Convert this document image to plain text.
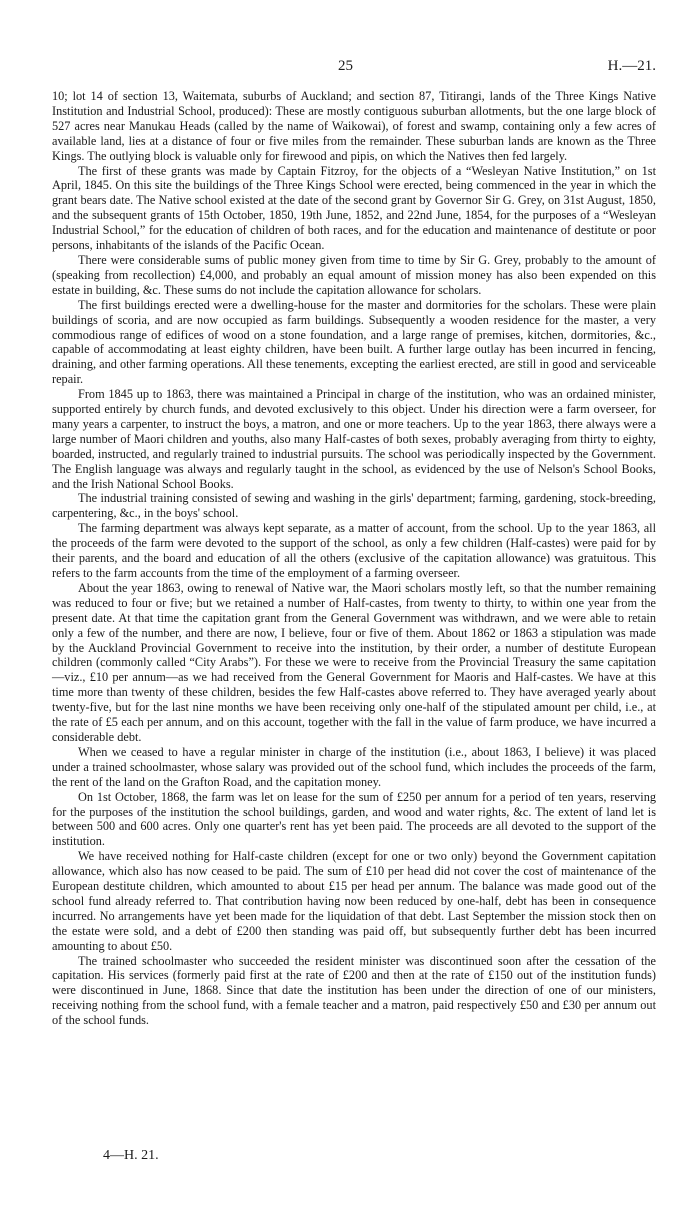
25	H.—21.

10; lot 14 of section 13, Waitemata, suburbs of Auckland; and section 87, Titirangi, lands of the Three Kings Native Institution and Industrial School, produced): These are mostly contiguous suburban allotments, but the one large block of 527 acres near Manukau Heads (called by the name of Waikowai), of forest and swamp, containing only a few acres of available land, lies at a distance of four or five miles from the remainder. These suburban lands are known as the Three Kings. The outlying block is valuable only for firewood and pipis, on which the Natives then fed largely.

The first of these grants was made by Captain Fitzroy, for the objects of a “Wesleyan Native Institution,” on 1st April, 1845. On this site the buildings of the Three Kings School were erected, being commenced in the year in which the grant bears date. The Native school existed at the date of the second grant by Governor Sir G. Grey, on 31st August, 1850, and the subsequent grants of 15th October, 1850, 19th June, 1852, and 22nd June, 1854, for the purposes of a “Wesleyan Industrial School,” for the education of children of both races, and for the education and maintenance of destitute or poor persons, inhabitants of the islands of the Pacific Ocean.

There were considerable sums of public money given from time to time by Sir G. Grey, probably to the amount of (speaking from recollection) £4,000, and probably an equal amount of mission money has also been expended on this estate in building, &c. These sums do not include the capitation allowance for scholars.

The first buildings erected were a dwelling-house for the master and dormitories for the scholars. These were plain buildings of scoria, and are now occupied as farm buildings. Subsequently a wooden residence for the master, a very commodious range of edifices of wood on a stone foundation, and a large range of premises, kitchen, dormitories, &c., capable of accommodating at least eighty children, have been built. A further large outlay has been incurred in fencing, draining, and other farming operations. All these tenements, excepting the earliest erected, are still in good and serviceable repair.

From 1845 up to 1863, there was maintained a Principal in charge of the institution, who was an ordained minister, supported entirely by church funds, and devoted exclusively to this object. Under his direction were a farm overseer, for many years a carpenter, to instruct the boys, a matron, and one or more teachers. Up to the year 1863, there always were a large number of Maori children and youths, also many Half-castes of both sexes, probably averaging from thirty to eighty, boarded, instructed, and regularly trained to industrial pursuits. The school was periodically inspected by the Government. The English language was always and regularly taught in the school, as evidenced by the use of Nelson's School Books, and the Irish National School Books.

The industrial training consisted of sewing and washing in the girls' department; farming, gardening, stock-breeding, carpentering, &c., in the boys' school.

The farming department was always kept separate, as a matter of account, from the school. Up to the year 1863, all the proceeds of the farm were devoted to the support of the school, as only a few children (Half-castes) were paid for by their parents, and the board and education of all the others (exclusive of the capitation allowance) was gratuitous. This refers to the farm accounts from the time of the employment of a farming overseer.

About the year 1863, owing to renewal of Native war, the Maori scholars mostly left, so that the number remaining was reduced to four or five; but we retained a number of Half-castes, from twenty to thirty, to within one year from the present date. At that time the capitation grant from the General Government was withdrawn, and we were able to retain only a few of the number, and there are now, I believe, four or five of them. About 1862 or 1863 a stipulation was made by the Auckland Provincial Government to receive into the institution, by their order, a number of destitute European children (commonly called “City Arabs”). For these we were to receive from the Provincial Treasury the same capitation—viz., £10 per annum—as we had received from the General Government for Maoris and Half-castes. We have at this time more than twenty of these children, besides the few Half-castes above referred to. They have averaged yearly about twenty-five, but for the last nine months we have been receiving only one-half of the stipulated amount per child, i.e., at the rate of £5 each per annum, and on this account, together with the fall in the value of farm produce, we have incurred a considerable debt.

When we ceased to have a regular minister in charge of the institution (i.e., about 1863, I believe) it was placed under a trained schoolmaster, whose salary was provided out of the school fund, which includes the proceeds of the farm, the rent of the land on the Grafton Road, and the capitation money.

On 1st October, 1868, the farm was let on lease for the sum of £250 per annum for a period of ten years, reserving for the purposes of the institution the school buildings, garden, and wood and water rights, &c. The extent of land let is between 500 and 600 acres. Only one quarter's rent has yet been paid. The proceeds are all devoted to the support of the institution.

We have received nothing for Half-caste children (except for one or two only) beyond the Government capitation allowance, which also has now ceased to be paid. The sum of £10 per head did not cover the cost of maintenance of the European destitute children, which amounted to about £15 per head per annum. The balance was made good out of the school fund already referred to. That contribution having now been reduced by one-half, debt has been in consequence incurred. No arrangements have yet been made for the liquidation of that debt. Last September the mission stock then on the estate were sold, and a debt of £200 then standing was paid off, but subsequently further debt has been incurred amounting to about £50.

The trained schoolmaster who succeeded the resident minister was discontinued soon after the cessation of the capitation. His services (formerly paid first at the rate of £200 and then at the rate of £150 out of the institution funds) were discontinued in June, 1868. Since that date the institution has been under the direction of one of our ministers, receiving nothing from the school fund, with a female teacher and a matron, paid respectively £50 and £30 per annum out of the school funds.

4—H. 21.
